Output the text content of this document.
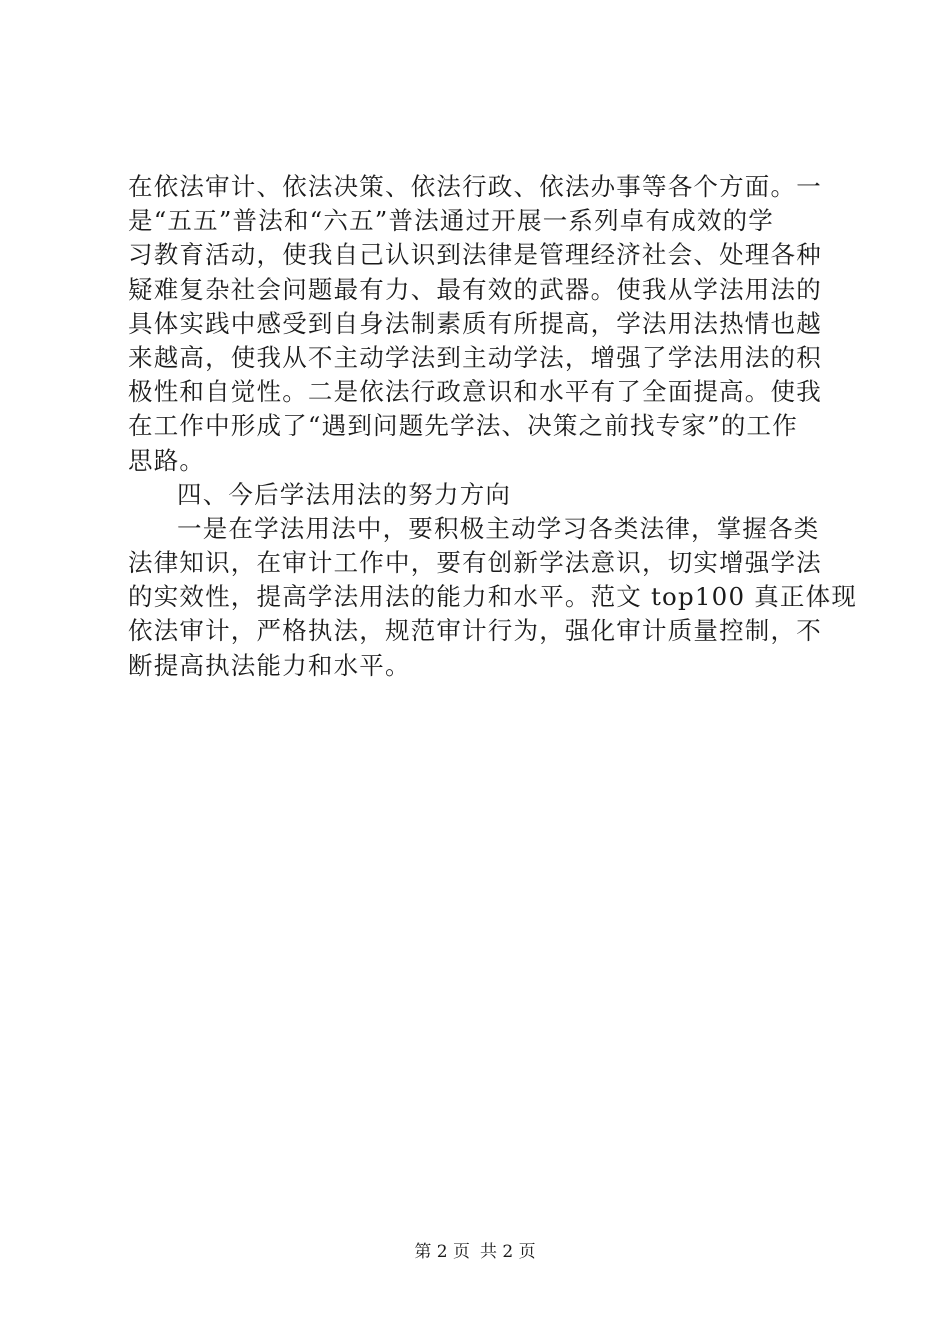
在依法审计、依法决策、依法行政、依法办事等各个方面。一
是“五五”普法和“六五”普法通过开展一系列卓有成效的学
习教育活动，使我自己认识到法律是管理经济社会、处理各种
疑难复杂社会问题最有力、最有效的武器。使我从学法用法的
具体实践中感受到自身法制素质有所提高，学法用法热情也越
来越高，使我从不主动学法到主动学法，增强了学法用法的积
极性和自觉性。二是依法行政意识和水平有了全面提高。使我
在工作中形成了“遇到问题先学法、决策之前找专家”的工作
思路。
四、今后学法用法的努力方向
一是在学法用法中，要积极主动学习各类法律，掌握各类
法律知识，在审计工作中，要有创新学法意识，切实增强学法
的实效性，提高学法用法的能力和水平。范文 top100 真正体现
依法审计，严格执法，规范审计行为，强化审计质量控制，不
断提高执法能力和水平。
第 2 页 共 2 页
